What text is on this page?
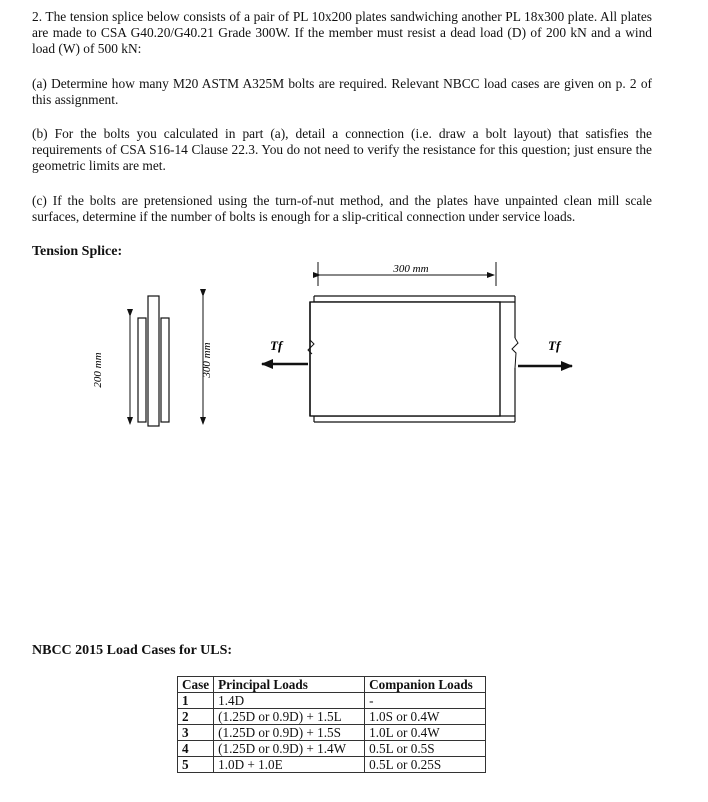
2. The tension splice below consists of a pair of PL 10x200 plates sandwiching another PL 18x300 plate. All plates are made to CSA G40.20/G40.21 Grade 300W. If the member must resist a dead load (D) of 200 kN and a wind load (W) of 500 kN:

(a) Determine how many M20 ASTM A325M bolts are required. Relevant NBCC load cases are given on p. 2 of this assignment.

(b) For the bolts you calculated in part (a), detail a connection (i.e. draw a bolt layout) that satisfies the requirements of CSA S16-14 Clause 22.3. You do not need to verify the resistance for this question; just ensure the geometric limits are met.

(c) If the bolts are pretensioned using the turn-of-nut method, and the plates have unpainted clean mill scale surfaces, determine if the number of bolts is enough for a slip-critical connection under service loads.

Tension Splice:

200 mm	300 mm
300 mm
Tf	Tf

NBCC 2015 Load Cases for ULS:

Case	Principal Loads	Companion Loads
1	1.4D	-
2	(1.25D or 0.9D) + 1.5L	1.0S or 0.4W
3	(1.25D or 0.9D) + 1.5S	1.0L or 0.4W
4	(1.25D or 0.9D) + 1.4W	0.5L or 0.5S
5	1.0D + 1.0E	0.5L or 0.25S
